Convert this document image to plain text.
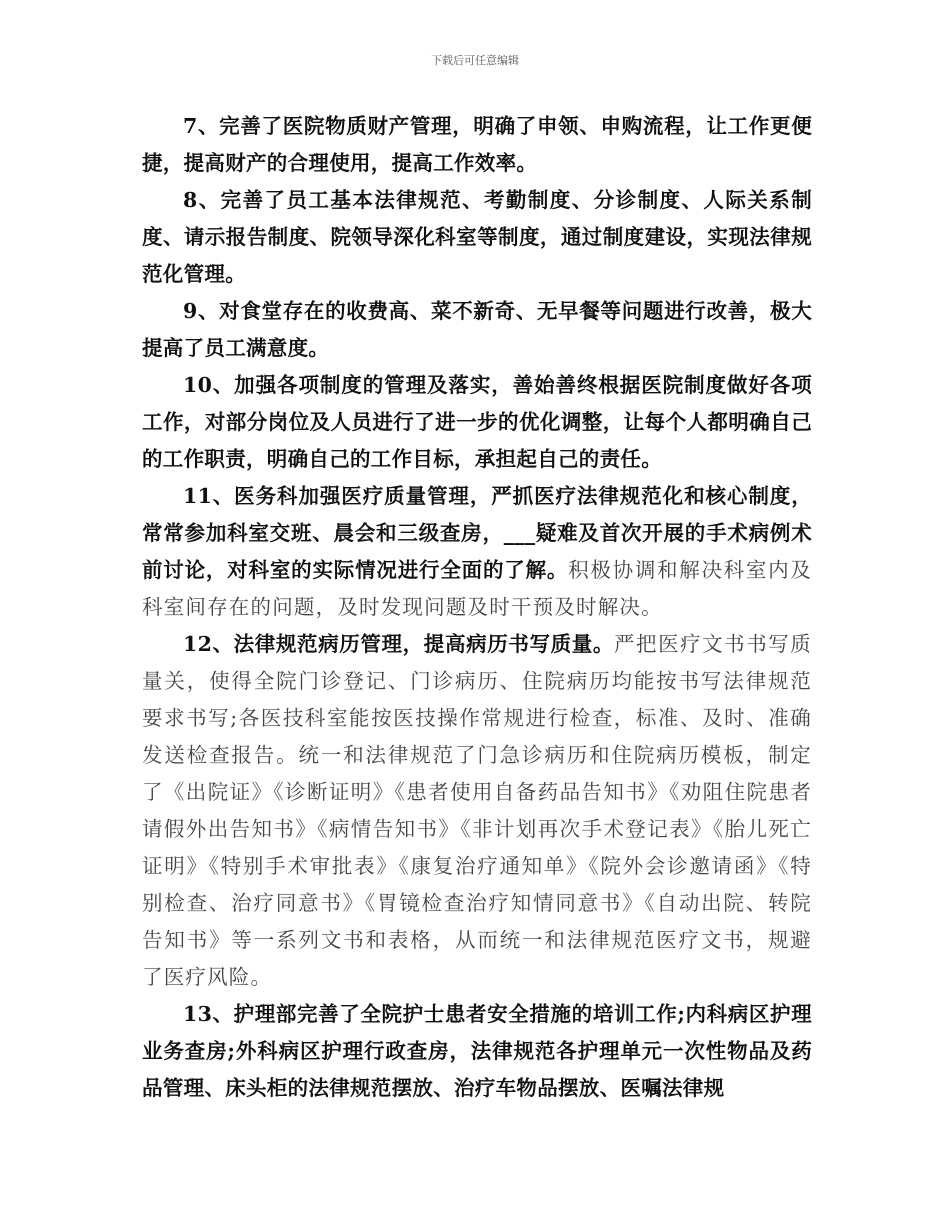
下载后可任意编辑

7、完善了医院物质财产管理，明确了申领、申购流程，让工作更便捷，提高财产的合理使用，提高工作效率。

8、完善了员工基本法律规范、考勤制度、分诊制度、人际关系制度、请示报告制度、院领导深化科室等制度，通过制度建设，实现法律规范化管理。

9、对食堂存在的收费高、菜不新奇、无早餐等问题进行改善，极大提高了员工满意度。

10、加强各项制度的管理及落实，善始善终根据医院制度做好各项工作，对部分岗位及人员进行了进一步的优化调整，让每个人都明确自己的工作职责，明确自己的工作目标，承担起自己的责任。

11、医务科加强医疗质量管理，严抓医疗法律规范化和核心制度，常常参加科室交班、晨会和三级查房，___疑难及首次开展的手术病例术前讨论，对科室的实际情况进行全面的了解。积极协调和解决科室内及科室间存在的问题，及时发现问题及时干预及时解决。

12、法律规范病历管理，提高病历书写质量。严把医疗文书书写质量关，使得全院门诊登记、门诊病历、住院病历均能按书写法律规范要求书写;各医技科室能按医技操作常规进行检查，标准、及时、准确发送检查报告。统一和法律规范了门急诊病历和住院病历模板，制定了《出院证》《诊断证明》《患者使用自备药品告知书》《劝阻住院患者请假外出告知书》《病情告知书》《非计划再次手术登记表》《胎儿死亡证明》《特别手术审批表》《康复治疗通知单》《院外会诊邀请函》《特别检查、治疗同意书》《胃镜检查治疗知情同意书》《自动出院、转院告知书》等一系列文书和表格，从而统一和法律规范医疗文书，规避了医疗风险。

13、护理部完善了全院护士患者安全措施的培训工作;内科病区护理业务查房;外科病区护理行政查房，法律规范各护理单元一次性物品及药品管理、床头柜的法律规范摆放、治疗车物品摆放、医嘱法律规
